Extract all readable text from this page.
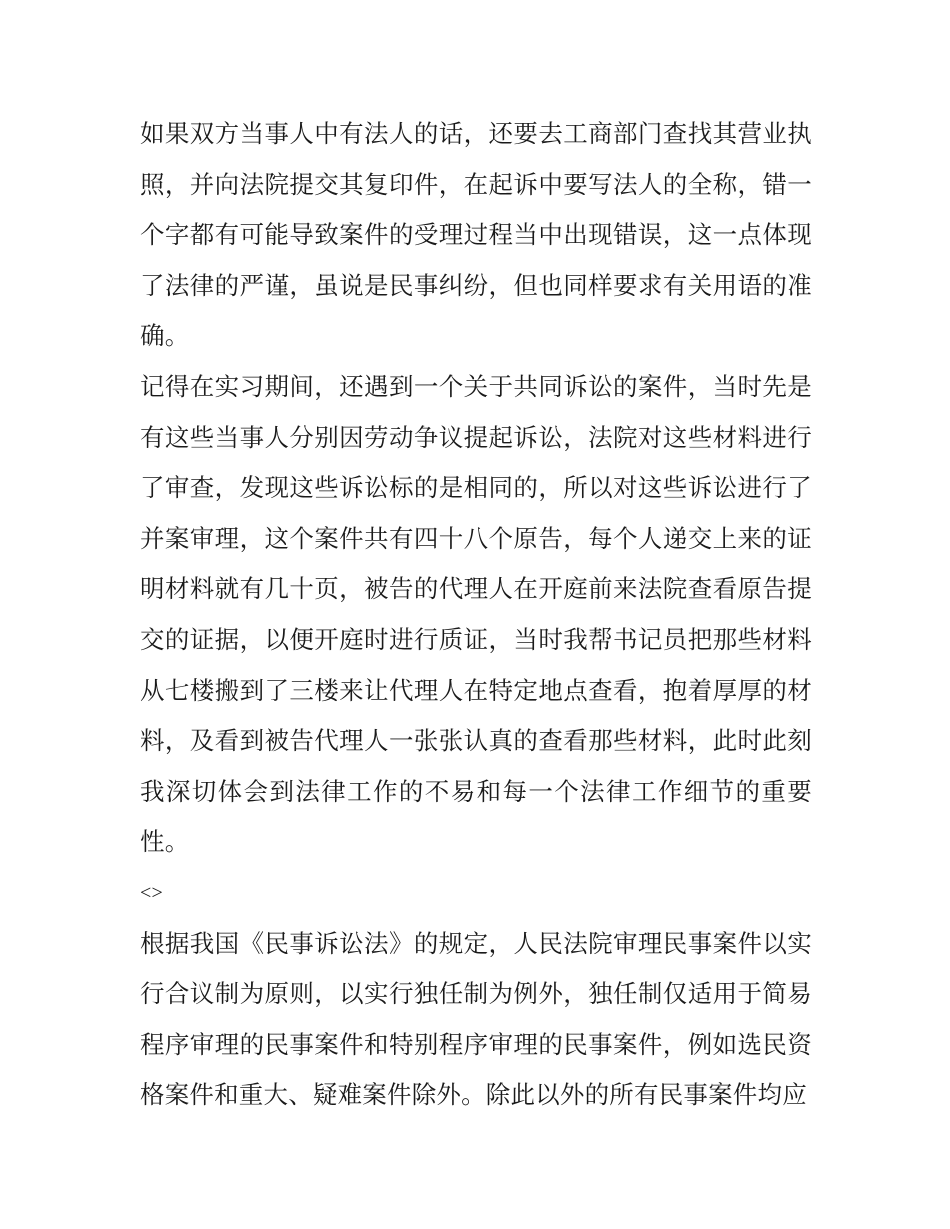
如果双方当事人中有法人的话，还要去工商部门查找其营业执照，并向法院提交其复印件，在起诉中要写法人的全称，错一个字都有可能导致案件的受理过程当中出现错误，这一点体现了法律的严谨，虽说是民事纠纷，但也同样要求有关用语的准确。

记得在实习期间，还遇到一个关于共同诉讼的案件，当时先是有这些当事人分别因劳动争议提起诉讼，法院对这些材料进行了审查，发现这些诉讼标的是相同的，所以对这些诉讼进行了并案审理，这个案件共有四十八个原告，每个人递交上来的证明材料就有几十页，被告的代理人在开庭前来法院查看原告提交的证据，以便开庭时进行质证，当时我帮书记员把那些材料从七楼搬到了三楼来让代理人在特定地点查看，抱着厚厚的材料，及看到被告代理人一张张认真的查看那些材料，此时此刻我深切体会到法律工作的不易和每一个法律工作细节的重要性。

<>

根据我国《民事诉讼法》的规定，人民法院审理民事案件以实行合议制为原则，以实行独任制为例外，独任制仅适用于简易程序审理的民事案件和特别程序审理的民事案件，例如选民资格案件和重大、疑难案件除外。除此以外的所有民事案件均应
